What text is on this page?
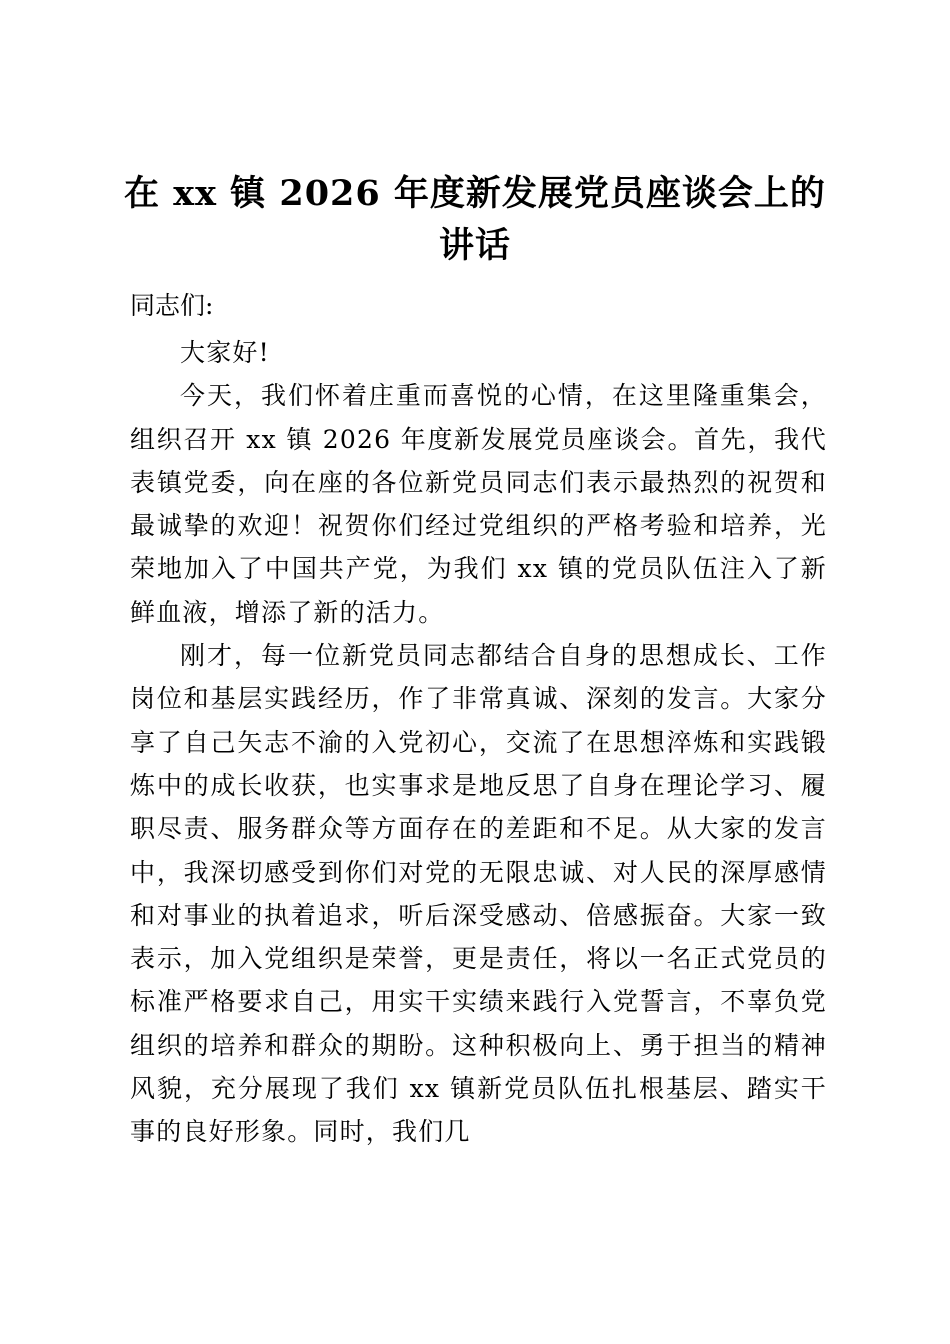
在 xx 镇 2026 年度新发展党员座谈会上的讲话

同志们:

大家好!

今天，我们怀着庄重而喜悦的心情，在这里隆重集会，组织召开 xx 镇 2026 年度新发展党员座谈会。首先，我代表镇党委，向在座的各位新党员同志们表示最热烈的祝贺和最诚挚的欢迎！祝贺你们经过党组织的严格考验和培养，光荣地加入了中国共产党，为我们 xx 镇的党员队伍注入了新鲜血液，增添了新的活力。

刚才，每一位新党员同志都结合自身的思想成长、工作岗位和基层实践经历，作了非常真诚、深刻的发言。大家分享了自己矢志不渝的入党初心，交流了在思想淬炼和实践锻炼中的成长收获，也实事求是地反思了自身在理论学习、履职尽责、服务群众等方面存在的差距和不足。从大家的发言中，我深切感受到你们对党的无限忠诚、对人民的深厚感情和对事业的执着追求，听后深受感动、倍感振奋。大家一致表示，加入党组织是荣誉，更是责任，将以一名正式党员的标准严格要求自己，用实干实绩来践行入党誓言，不辜负党组织的培养和群众的期盼。这种积极向上、勇于担当的精神风貌，充分展现了我们 xx 镇新党员队伍扎根基层、踏实干事的良好形象。同时，我们几
